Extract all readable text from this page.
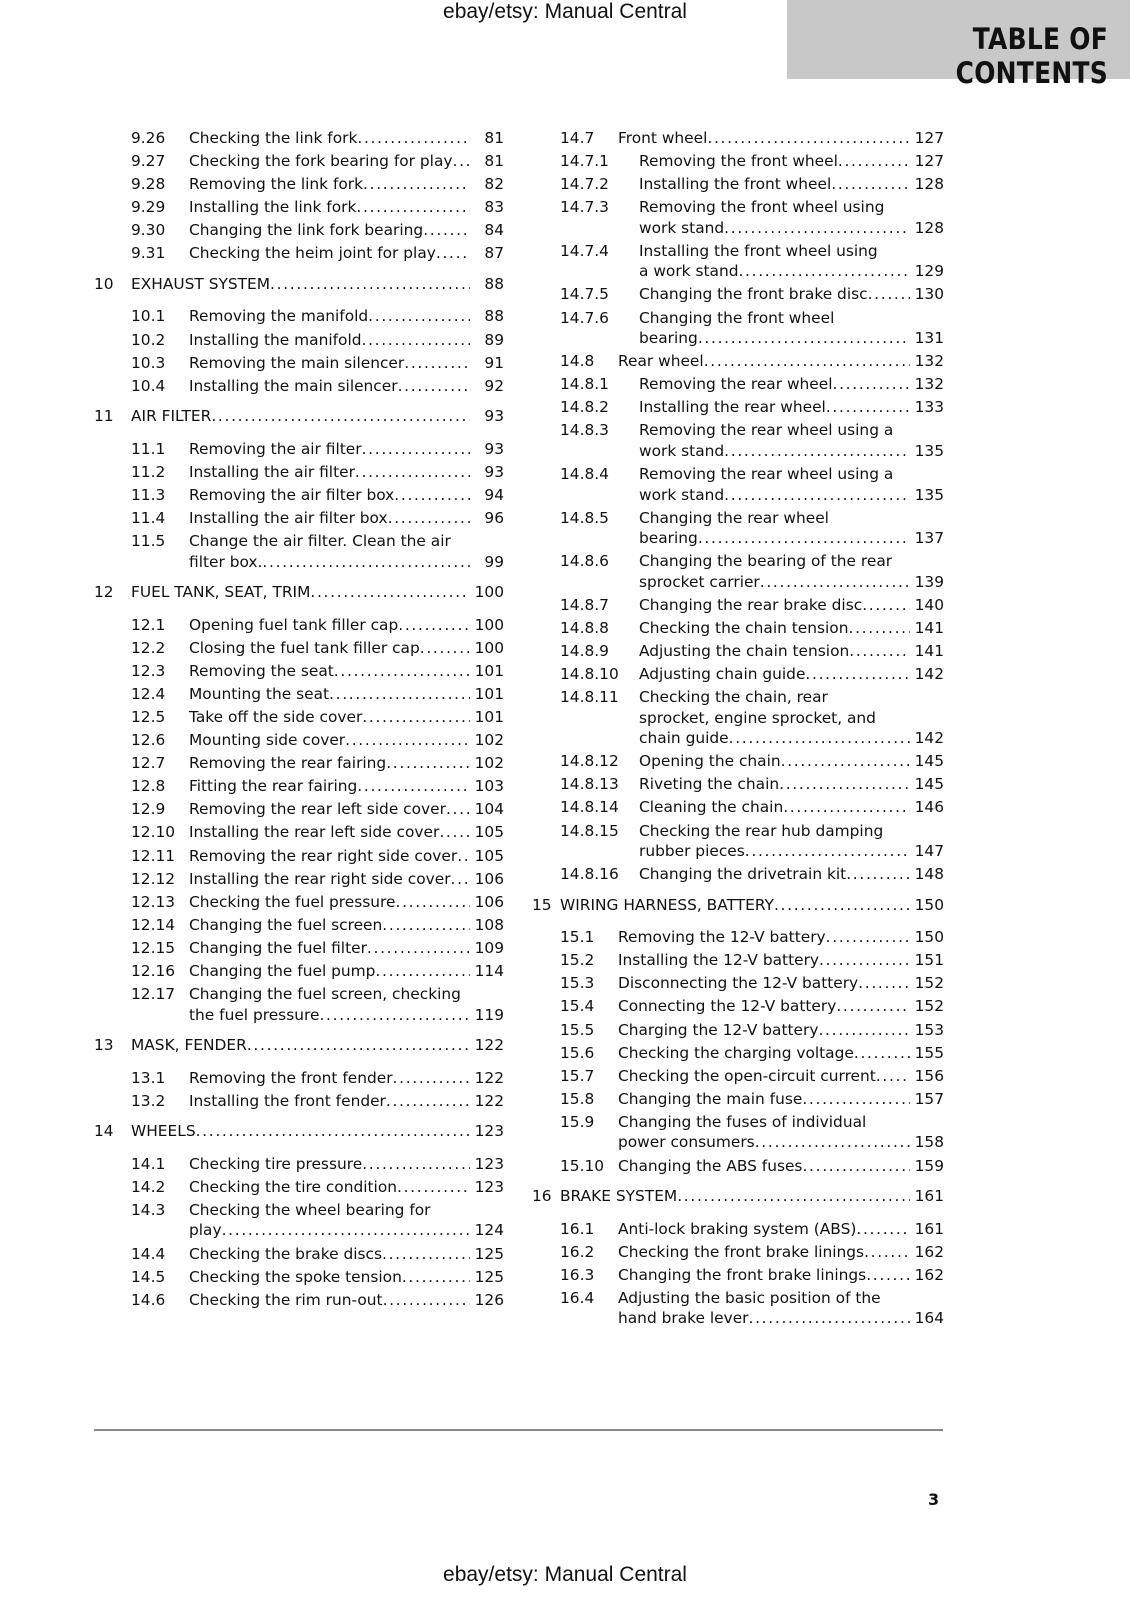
ebay/etsy: Manual Central
TABLE OF CONTENTS
9.26 Checking the link fork . . .	81
9.27 Checking the fork bearing for play . . .	81
9.28 Removing the link fork . . .	82
9.29 Installing the link fork . . .	83
9.30 Changing the link fork bearing . . .	84
9.31 Checking the heim joint for play . . .	87
10 EXHAUST SYSTEM . . .	88
10.1 Removing the manifold . . .	88
10.2 Installing the manifold . . .	89
10.3 Removing the main silencer . . .	91
10.4 Installing the main silencer . . .	92
11 AIR FILTER . . .	93
11.1 Removing the air filter . . .	93
11.2 Installing the air filter . . .	93
11.3 Removing the air filter box . . .	94
11.4 Installing the air filter box . . .	96
11.5 Change the air filter. Clean the air
filter box. . . .	99
12 FUEL TANK, SEAT, TRIM . . .	100
12.1 Opening fuel tank filler cap . . .	100
12.2 Closing the fuel tank filler cap . . .	100
12.3 Removing the seat . . .	101
12.4 Mounting the seat . . .	101
12.5 Take off the side cover . . .	101
12.6 Mounting side cover . . .	102
12.7 Removing the rear fairing . . .	102
12.8 Fitting the rear fairing . . .	103
12.9 Removing the rear left side cover . . . 104
12.10 Installing the rear left side cover . . . 105
12.11 Removing the rear right side cover . . . 105
12.12 Installing the rear right side cover . . . 106
12.13 Checking the fuel pressure . . .	106
12.14 Changing the fuel screen . . .	108
12.15 Changing the fuel filter . . .	109
12.16 Changing the fuel pump . . .	114
12.17 Changing the fuel screen, checking
the fuel pressure . . .	119
13 MASK, FENDER . . .	122
13.1 Removing the front fender . . .	122
13.2 Installing the front fender . . .	122
14 WHEELS . . .	123
14.1 Checking tire pressure . . .	123
14.2 Checking the tire condition . . .	123
14.3 Checking the wheel bearing for
play . . .	124
14.4 Checking the brake discs . . .	125
14.5 Checking the spoke tension . . .	125
14.6 Checking the rim run-out . . .	126
14.7 Front wheel . . .	127
14.7.1 Removing the front wheel . . .	127
14.7.2 Installing the front wheel . . .	128
14.7.3 Removing the front wheel using
work stand . . .	128
14.7.4 Installing the front wheel using
a work stand . . .	129
14.7.5 Changing the front brake disc . . .	130
14.7.6 Changing the front wheel
bearing . . .	131
14.8 Rear wheel . . .	132
14.8.1 Removing the rear wheel . . .	132
14.8.2 Installing the rear wheel . . .	133
14.8.3 Removing the rear wheel using a
work stand . . .	135
14.8.4 Removing the rear wheel using a
work stand . . .	135
14.8.5 Changing the rear wheel
bearing . . .	137
14.8.6 Changing the bearing of the rear
sprocket carrier . . .	139
14.8.7 Changing the rear brake disc . . .	140
14.8.8 Checking the chain tension . . .	141
14.8.9 Adjusting the chain tension . . .	141
14.8.10 Adjusting chain guide . . .	142
14.8.11 Checking the chain, rear
sprocket, engine sprocket, and
chain guide . . .	142
14.8.12 Opening the chain . . .	145
14.8.13 Riveting the chain . . .	145
14.8.14 Cleaning the chain . . .	146
14.8.15 Checking the rear hub damping
rubber pieces . . .	147
14.8.16 Changing the drivetrain kit . . .	148
15 WIRING HARNESS, BATTERY . . .	150
15.1 Removing the 12-V battery . . .	150
15.2 Installing the 12-V battery . . .	151
15.3 Disconnecting the 12-V battery . . .	152
15.4 Connecting the 12-V battery . . .	152
15.5 Charging the 12-V battery . . .	153
15.6 Checking the charging voltage . . .	155
15.7 Checking the open-circuit current . . .	156
15.8 Changing the main fuse . . .	157
15.9 Changing the fuses of individual
power consumers . . .	158
15.10 Changing the ABS fuses . . .	159
16 BRAKE SYSTEM . . .	161
16.1 Anti-lock braking system (ABS) . . .	161
16.2 Checking the front brake linings . . .	162
16.3 Changing the front brake linings . . .	162
16.4 Adjusting the basic position of the
hand brake lever . . .	164
3
ebay/etsy: Manual Central
